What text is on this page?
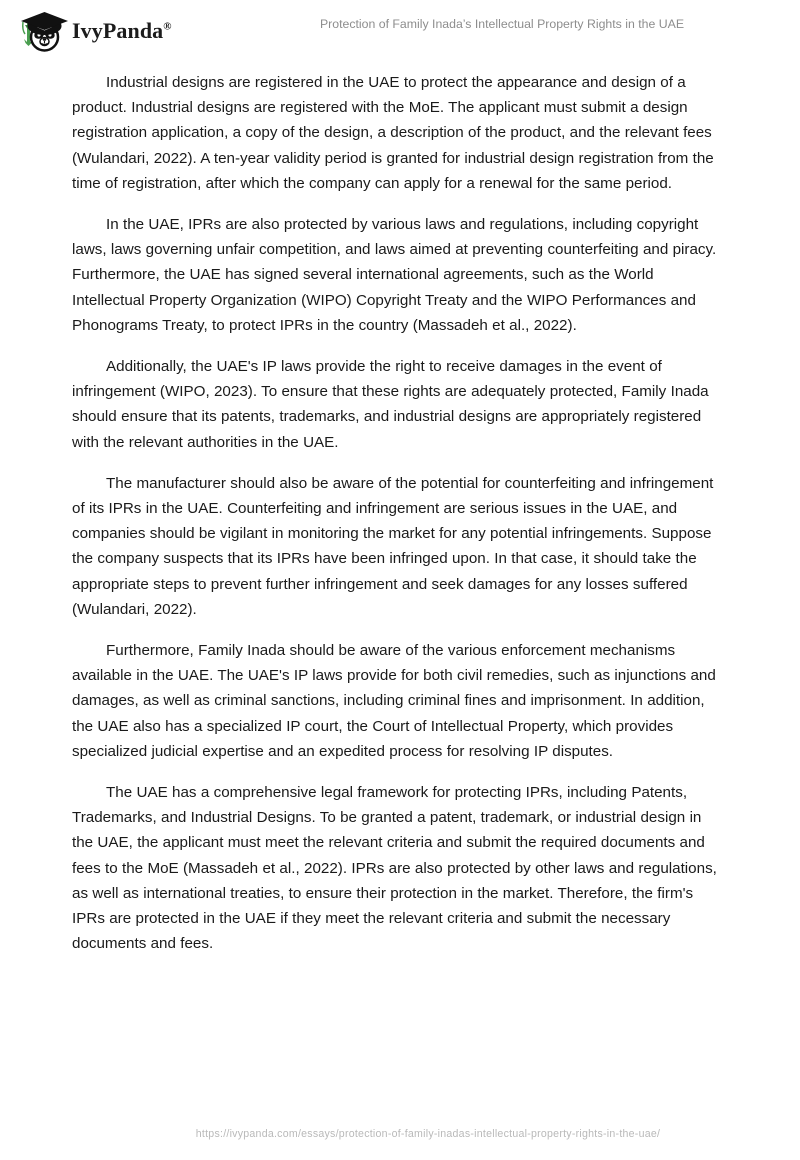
IvyPanda®	Protection of Family Inada’s Intellectual Property Rights in the UAE

Industrial designs are registered in the UAE to protect the appearance and design of a product. Industrial designs are registered with the MoE. The applicant must submit a design registration application, a copy of the design, a description of the product, and the relevant fees (Wulandari, 2022). A ten-year validity period is granted for industrial design registration from the time of registration, after which the company can apply for a renewal for the same period.

In the UAE, IPRs are also protected by various laws and regulations, including copyright laws, laws governing unfair competition, and laws aimed at preventing counterfeiting and piracy. Furthermore, the UAE has signed several international agreements, such as the World Intellectual Property Organization (WIPO) Copyright Treaty and the WIPO Performances and Phonograms Treaty, to protect IPRs in the country (Massadeh et al., 2022).

Additionally, the UAE's IP laws provide the right to receive damages in the event of infringement (WIPO, 2023). To ensure that these rights are adequately protected, Family Inada should ensure that its patents, trademarks, and industrial designs are appropriately registered with the relevant authorities in the UAE.

The manufacturer should also be aware of the potential for counterfeiting and infringement of its IPRs in the UAE. Counterfeiting and infringement are serious issues in the UAE, and companies should be vigilant in monitoring the market for any potential infringements. Suppose the company suspects that its IPRs have been infringed upon. In that case, it should take the appropriate steps to prevent further infringement and seek damages for any losses suffered (Wulandari, 2022).

Furthermore, Family Inada should be aware of the various enforcement mechanisms available in the UAE. The UAE's IP laws provide for both civil remedies, such as injunctions and damages, as well as criminal sanctions, including criminal fines and imprisonment. In addition, the UAE also has a specialized IP court, the Court of Intellectual Property, which provides specialized judicial expertise and an expedited process for resolving IP disputes.

The UAE has a comprehensive legal framework for protecting IPRs, including Patents, Trademarks, and Industrial Designs. To be granted a patent, trademark, or industrial design in the UAE, the applicant must meet the relevant criteria and submit the required documents and fees to the MoE (Massadeh et al., 2022). IPRs are also protected by other laws and regulations, as well as international treaties, to ensure their protection in the market. Therefore, the firm's IPRs are protected in the UAE if they meet the relevant criteria and submit the necessary documents and fees.

https://ivypanda.com/essays/protection-of-family-inadas-intellectual-property-rights-in-the-uae/
